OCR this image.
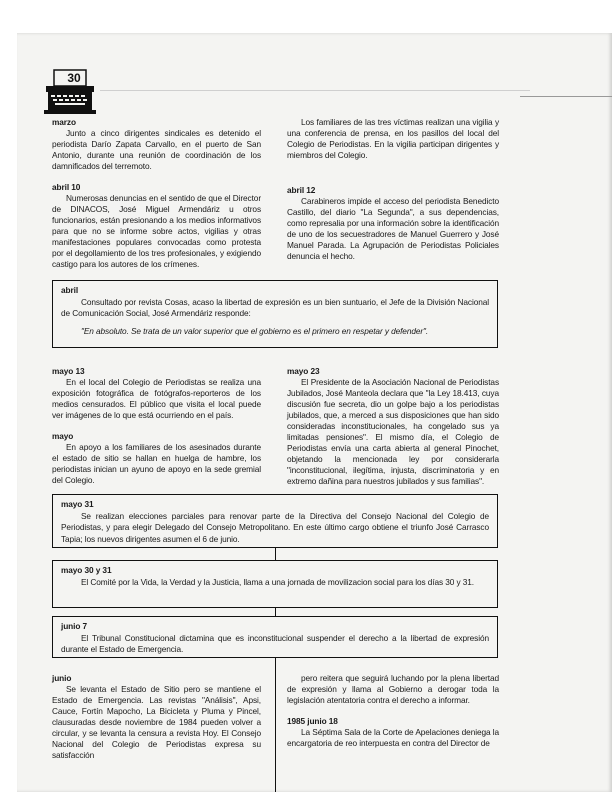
30
marzo

Junto a cinco dirigentes sindicales es detenido el periodista Darío Zapata Carvallo, en el puerto de San Antonio, durante una reunión de coordinación de los damnificados del terremoto.

abril 10

Numerosas denuncias en el sentido de que el Director de DINACOS, José Miguel Armendáriz u otros funcionarios, están presionando a los medios informativos para que no se informe sobre actos, vigilias y otras manifestaciones populares convocadas como protesta por el degollamiento de los tres profesionales, y exigiendo castigo para los autores de los crímenes.

Los familiares de las tres víctimas realizan una vigilia y una conferencia de prensa, en los pasillos del local del Colegio de Periodistas. En la vigilia participan dirigentes y miembros del Colegio.

abril 12

Carabineros impide el acceso del periodista Benedicto Castillo, del diario "La Segunda", a sus dependencias, como represalia por una información sobre la identificación de uno de los secuestradores de Manuel Guerrero y José Manuel Parada. La Agrupación de Periodistas Policiales denuncia el hecho.

abril

Consultado por revista Cosas, acaso la libertad de expresión es un bien suntuario, el Jefe de la División Nacional de Comunicación Social, José Armendáriz responde:

"En absoluto. Se trata de un valor superior que el gobierno es el primero en respetar y defender".

mayo 13

En el local del Colegio de Periodistas se realiza una exposición fotográfica de fotógrafos-reporteros de los medios censurados. El público que visita el local puede ver imágenes de lo que está ocurriendo en el país.

mayo

En apoyo a los familiares de los asesinados durante el estado de sitio se hallan en huelga de hambre, los periodistas inician un ayuno de apoyo en la sede gremial del Colegio.

mayo 23

El Presidente de la Asociación Nacional de Periodistas Jubilados, José Manteola declara que "la Ley 18.413, cuya discusión fue secreta, dio un golpe bajo a los periodistas jubilados, que, a merced a sus disposiciones que han sido consideradas inconstitucionales, ha congelado sus ya limitadas pensiones". El mismo día, el Colegio de Periodistas envía una carta abierta al general Pinochet, objetando la mencionada ley por considerarla "inconstitucional, ilegítima, injusta, discriminatoria y en extremo dañina para nuestros jubilados y sus familias".

mayo 31

Se realizan elecciones parciales para renovar parte de la Directiva del Consejo Nacional del Colegio de Periodistas, y para elegir Delegado del Consejo Metropolitano. En este último cargo obtiene el triunfo José Carrasco Tapia; los nuevos dirigentes asumen el 6 de junio.

mayo 30 y 31

El Comité por la Vida, la Verdad y la Justicia, llama a una jornada de movilizacion social para los días 30 y 31.

junio 7

El Tribunal Constitucional dictamina que es inconstitucional suspender el derecho a la libertad de expresión durante el Estado de Emergencia.

junio

Se levanta el Estado de Sitio pero se mantiene el Estado de Emergencia. Las revistas "Análisis", Apsi, Cauce, Fortín Mapocho, La Bicicleta y Pluma y Pincel, clausuradas desde noviembre de 1984 pueden volver a circular, y se levanta la censura a revista Hoy. El Consejo Nacional del Colegio de Periodistas expresa su satisfacción

pero reitera que seguirá luchando por la plena libertad de expresión y llama al Gobierno a derogar toda la legislación atentatoria contra el derecho a informar.

1985 junio 18

La Séptima Sala de la Corte de Apelaciones deniega la encargatoria de reo interpuesta en contra del Director de
